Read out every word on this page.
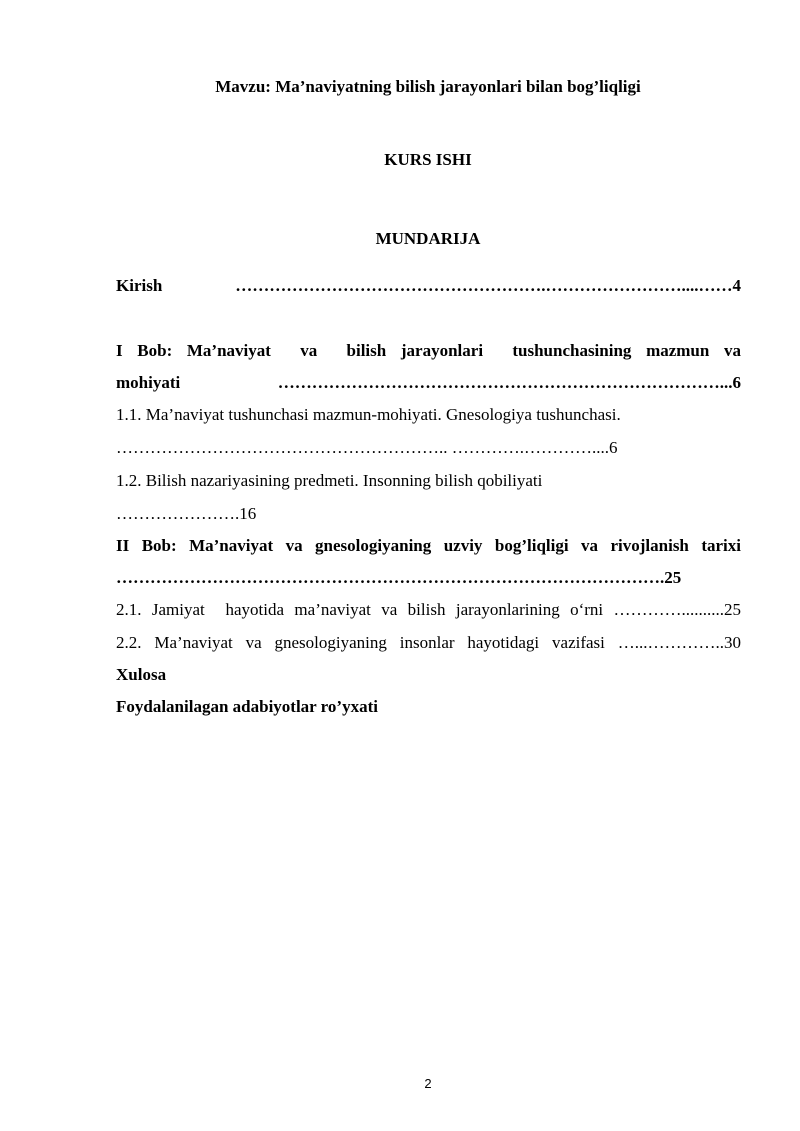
Mavzu: Ma’naviyatning bilish jarayonlari bilan bog’liqligi

KURS ISHI

MUNDARIJA

Kirish ……………………………………………….……………………....……4

I Bob: Ma’naviyat  va  bilish jarayonlari  tushunchasining mazmun va

mohiyati ……………………………………………………………………...6

1.1. Ma’naviyat tushunchasi mazmun-mohiyati. Gnesologiya tushunchasi.

………………………………………………….. ………….…………....6

1.2. Bilish nazariyasining predmeti. Insonning bilish qobiliyati

………………….16

II Bob: Ma’naviyat va gnesologiyaning uzviy bog’liqligi va rivojlanish tarixi

…………………………………………………………………………………….25

2.1. Jamiyat  hayotida ma’naviyat va bilish jarayonlarining o‘rni …………..........25

2.2. Ma’naviyat va gnesologiyaning insonlar hayotidagi vazifasi …...…………..30

Xulosa

Foydalanilagan adabiyotlar ro’yxati

2
